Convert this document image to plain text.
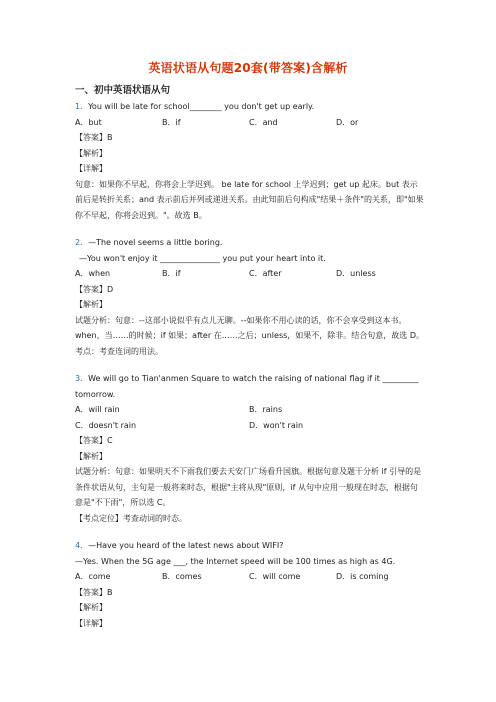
英语状语从句题20套(带答案)含解析
一、初中英语状语从句
1．You will be late for school________ you don't get up early.
A．but	B．if	C．and	D．or
【答案】B
【解析】
【详解】
句意：如果你不早起，你将会上学迟到。 be late for school 上学迟到；get up 起床。but 表示前后是转折关系；and 表示前后并列或递进关系。由此知前后句构成"结果＋条件"的关系，即"如果你不早起，你将会迟到。"。故选 B。
2．—The novel seems a little boring.
—You won't enjoy it _______________ you put your heart into it.
A．when	B．if	C．after	D．unless
【答案】D
【解析】
试题分析：句意：--这部小说似乎有点儿无聊。--如果你不用心读的话，你不会享受到这本书。when，当……的时候；if 如果；after 在……之后；unless，如果不，除非。结合句意，故选 D。
考点：考查连词的用法。
3．We will go to Tian'anmen Square to watch the raising of national flag if it _________
tomorrow.
A．will rain	B．rains
C．doesn't rain	D．won't rain
【答案】C
【解析】
试题分析：句意：如果明天不下雨我们要去天安门广场看升国旗。根据句意及题干分析 if 引导的是条件状语从句，主句是一般将来时态，根据"主将从现"原则，if 从句中应用一般现在时态，根据句意是"不下雨"，所以选 C。
【考点定位】考查动词的时态。
4．—Have you heard of the latest news about WIFI?
—Yes. When the 5G age ___, the Internet speed will be 100 times as high as 4G.
A．come	B．comes	C．will come	D．is coming
【答案】B
【解析】
【详解】
